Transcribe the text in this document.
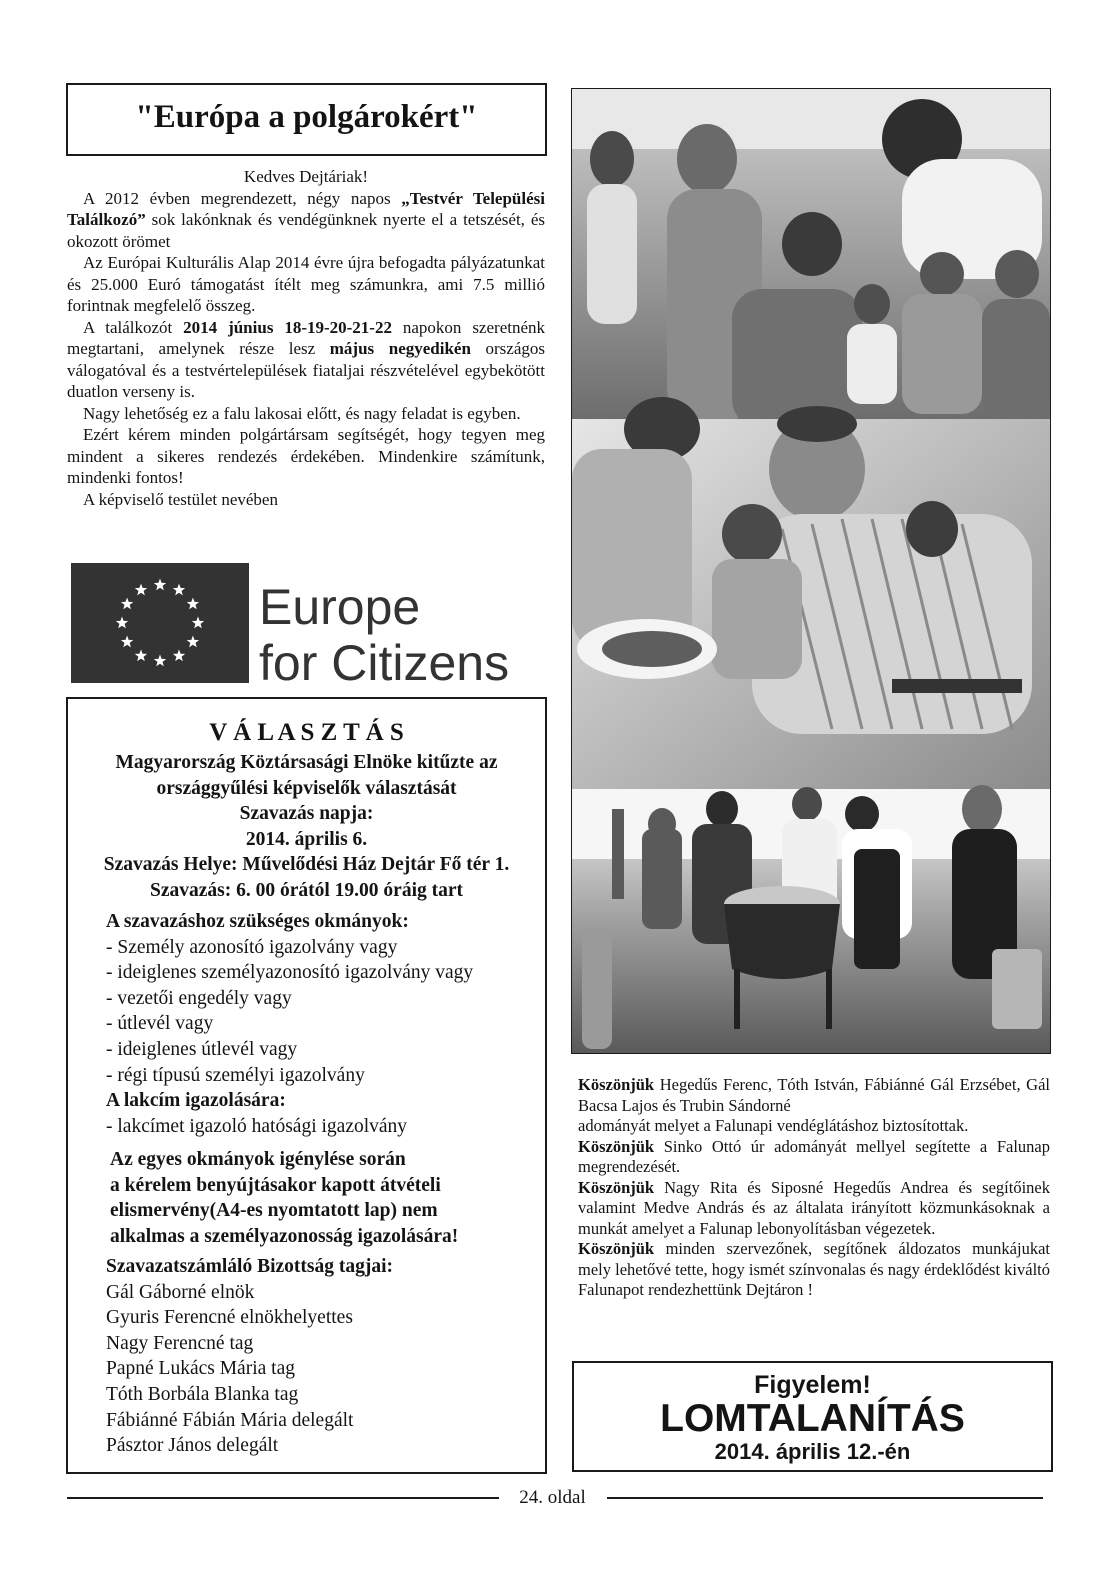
"Európa a polgárokért"

Kedves Dejtáriak!

A 2012 évben megrendezett, négy napos „Testvér Települési Találkozó” sok lakónknak és vendégünknek nyerte el a tetszését, és okozott örömet

Az Európai Kulturális Alap 2014 évre újra befogadta pályázatunkat és 25.000 Euró támogatást ítélt meg számunkra, ami 7.5 millió forintnak megfelelő összeg.

A találkozót 2014 június 18-19-20-21-22 napokon szeretnénk megtartani, amelynek része lesz május negyedikén országos válogatóval és a testvértelepülések fiataljai részvételével egybekötött duatlon verseny is.

Nagy lehetőség ez a falu lakosai előtt, és nagy feladat is egyben.

Ezért kérem minden polgártársam segítségét, hogy tegyen meg mindent a sikeres rendezés érdekében. Mindenkire számítunk, mindenki fontos!

A képviselő testület nevében

Europe
for Citizens
V Á L A S Z T Á S

Magyarország Köztársasági Elnöke kitűzte az

országgyűlési képviselők választását

Szavazás napja:

2014. április 6.

Szavazás Helye: Művelődési Ház Dejtár Fő tér 1.

Szavazás: 6. 00 órától 19.00 óráig tart

A szavazáshoz szükséges okmányok:

- Személy azonosító igazolvány vagy

- ideiglenes személyazonosító igazolvány vagy

- vezetői engedély vagy

- útlevél vagy

- ideiglenes útlevél vagy

- régi típusú személyi igazolvány

A lakcím igazolására:

- lakcímet igazoló hatósági igazolvány

Az egyes okmányok igénylése során

a kérelem benyújtásakor kapott átvételi

elismervény(A4-es nyomtatott lap) nem

alkalmas a személyazonosság igazolására!

Szavazatszámláló Bizottság tagjai:

Gál Gáborné elnök

Gyuris Ferencné elnökhelyettes

Nagy Ferencné tag

Papné Lukács Mária tag

Tóth Borbála Blanka tag

Fábiánné Fábián Mária delegált

Pásztor János delegált

Köszönjük Hegedűs Ferenc, Tóth István, Fábiánné Gál Erzsébet, Gál Bacsa Lajos és Trubin Sándorné

adományát melyet a Falunapi vendéglátáshoz biztosítottak.

Köszönjük Sinko Ottó úr adományát mellyel segítette a Falunap megrendezését.

Köszönjük Nagy Rita és Siposné Hegedűs Andrea és segítőinek valamint Medve András és az általata irányított közmunkásoknak a munkát amelyet a Falunap lebonyolításban végezetek.

Köszönjük minden szervezőnek, segítőnek áldozatos munkájukat mely lehetővé tette, hogy ismét színvonalas és nagy érdeklődést kiváltó Falunapot rendezhettünk Dejtáron !

Figyelem!
LOMTALANÍTÁS
2014. április 12.-én
24. oldal
